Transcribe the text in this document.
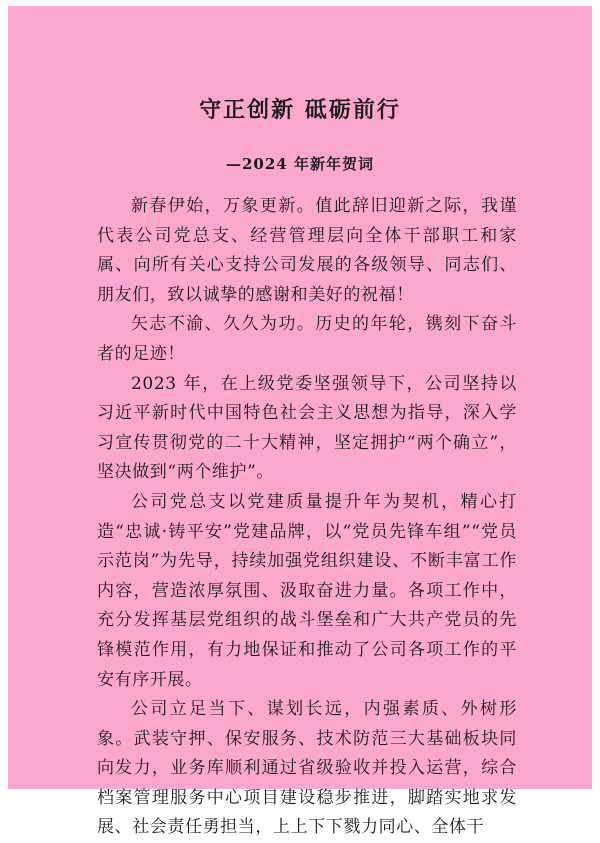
守正创新 砥砺前行
—2024 年新年贺词

新春伊始，万象更新。值此辞旧迎新之际，我谨代表公司党总支、经营管理层向全体干部职工和家属、向所有关心支持公司发展的各级领导、同志们、朋友们，致以诚挚的感谢和美好的祝福！

矢志不渝、久久为功。历史的年轮，镌刻下奋斗者的足迹！

2023 年，在上级党委坚强领导下，公司坚持以习近平新时代中国特色社会主义思想为指导，深入学习宣传贯彻党的二十大精神，坚定拥护“两个确立”，坚决做到“两个维护”。

公司党总支以党建质量提升年为契机，精心打造“忠诚·铸平安”党建品牌，以“党员先锋车组”“党员示范岗”为先导，持续加强党组织建设、不断丰富工作内容，营造浓厚氛围、汲取奋进力量。各项工作中，充分发挥基层党组织的战斗堡垒和广大共产党员的先锋模范作用，有力地保证和推动了公司各项工作的平安有序开展。

公司立足当下、谋划长远，内强素质、外树形象。武装守押、保安服务、技术防范三大基础板块同向发力，业务库顺利通过省级验收并投入运营，综合档案管理服务中心项目建设稳步推进，脚踏实地求发展、社会责任勇担当，上上下下戮力同心、全体干
